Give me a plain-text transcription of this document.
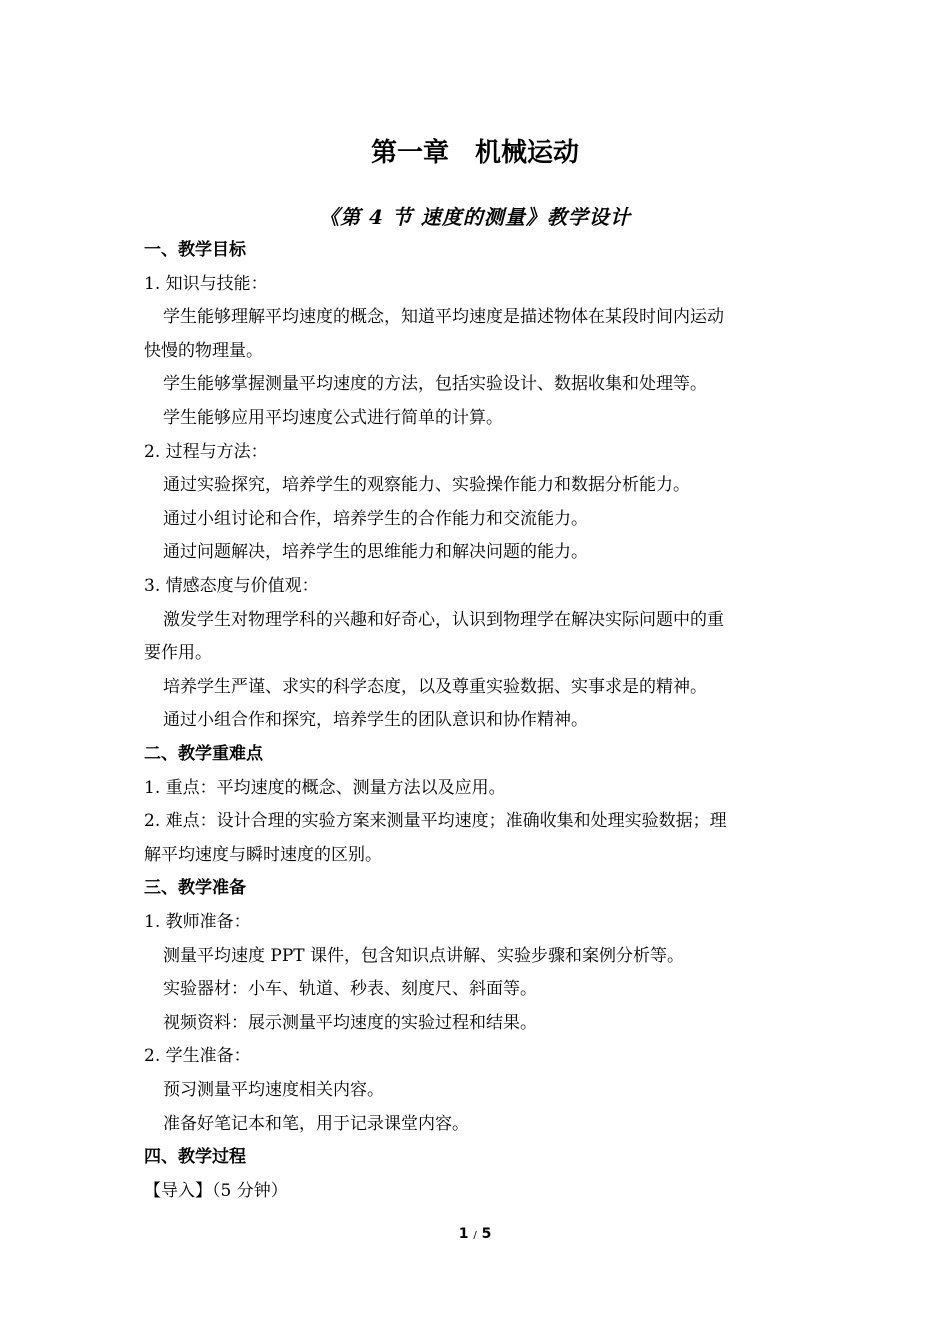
第一章　机械运动
《第 4 节 速度的测量》教学设计
一、教学目标
1. 知识与技能：
学生能够理解平均速度的概念，知道平均速度是描述物体在某段时间内运动
快慢的物理量。
学生能够掌握测量平均速度的方法，包括实验设计、数据收集和处理等。
学生能够应用平均速度公式进行简单的计算。
2. 过程与方法：
通过实验探究，培养学生的观察能力、实验操作能力和数据分析能力。
通过小组讨论和合作，培养学生的合作能力和交流能力。
通过问题解决，培养学生的思维能力和解决问题的能力。
3. 情感态度与价值观：
激发学生对物理学科的兴趣和好奇心，认识到物理学在解决实际问题中的重
要作用。
培养学生严谨、求实的科学态度，以及尊重实验数据、实事求是的精神。
通过小组合作和探究，培养学生的团队意识和协作精神。
二、教学重难点
1. 重点：平均速度的概念、测量方法以及应用。
2. 难点：设计合理的实验方案来测量平均速度；准确收集和处理实验数据；理
解平均速度与瞬时速度的区别。
三、教学准备
1. 教师准备：
测量平均速度 PPT 课件，包含知识点讲解、实验步骤和案例分析等。
实验器材：小车、轨道、秒表、刻度尺、斜面等。
视频资料：展示测量平均速度的实验过程和结果。
2. 学生准备：
预习测量平均速度相关内容。
准备好笔记本和笔，用于记录课堂内容。
四、教学过程
【导入】（5 分钟）
1 / 5
